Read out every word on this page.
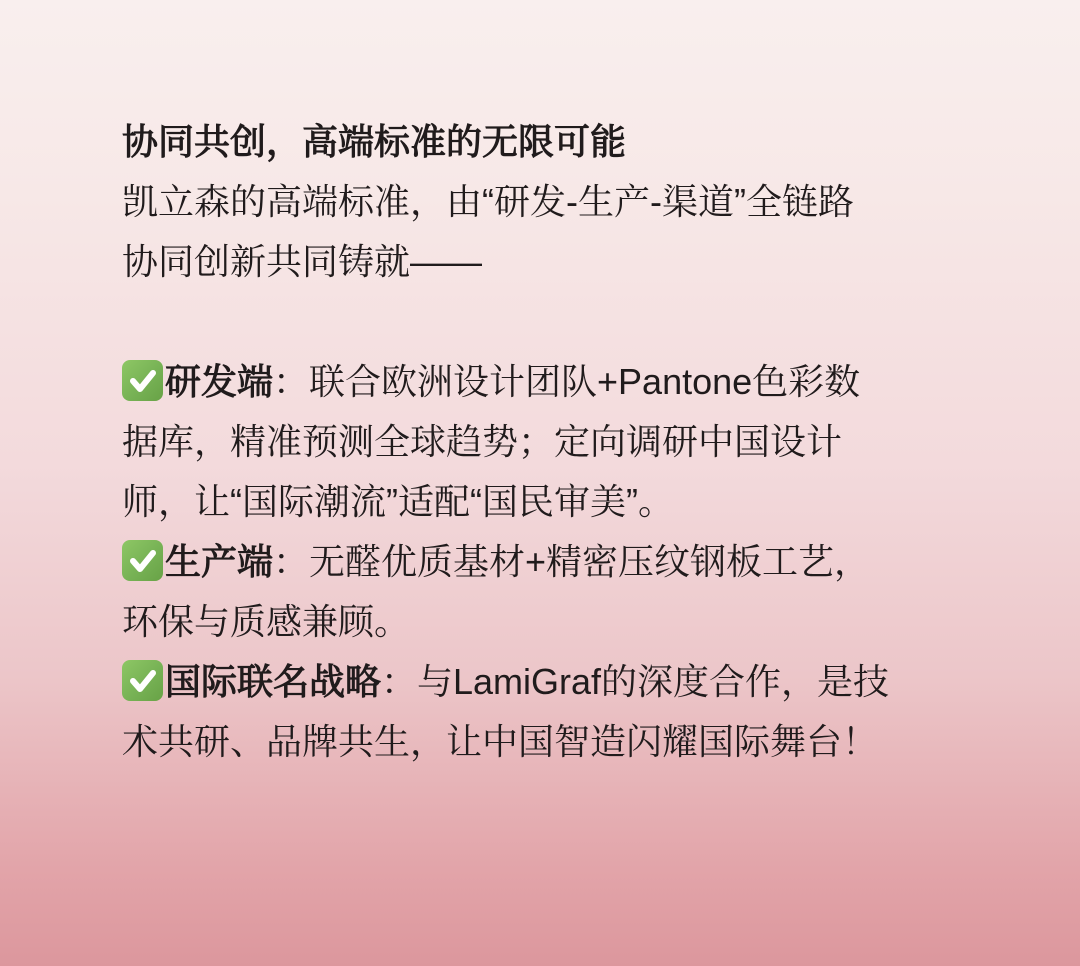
协同共创，高端标准的无限可能
凯立森的高端标准，由“研发-生产-渠道”全链路
协同创新共同铸就——
研发端：联合欧洲设计团队+Pantone色彩数
据库，精准预测全球趋势；定向调研中国设计
师，让“国际潮流”适配“国民审美”。
生产端：无醛优质基材+精密压纹钢板工艺，
环保与质感兼顾。
国际联名战略：与LamiGraf的深度合作，是技
术共研、品牌共生，让中国智造闪耀国际舞台！
